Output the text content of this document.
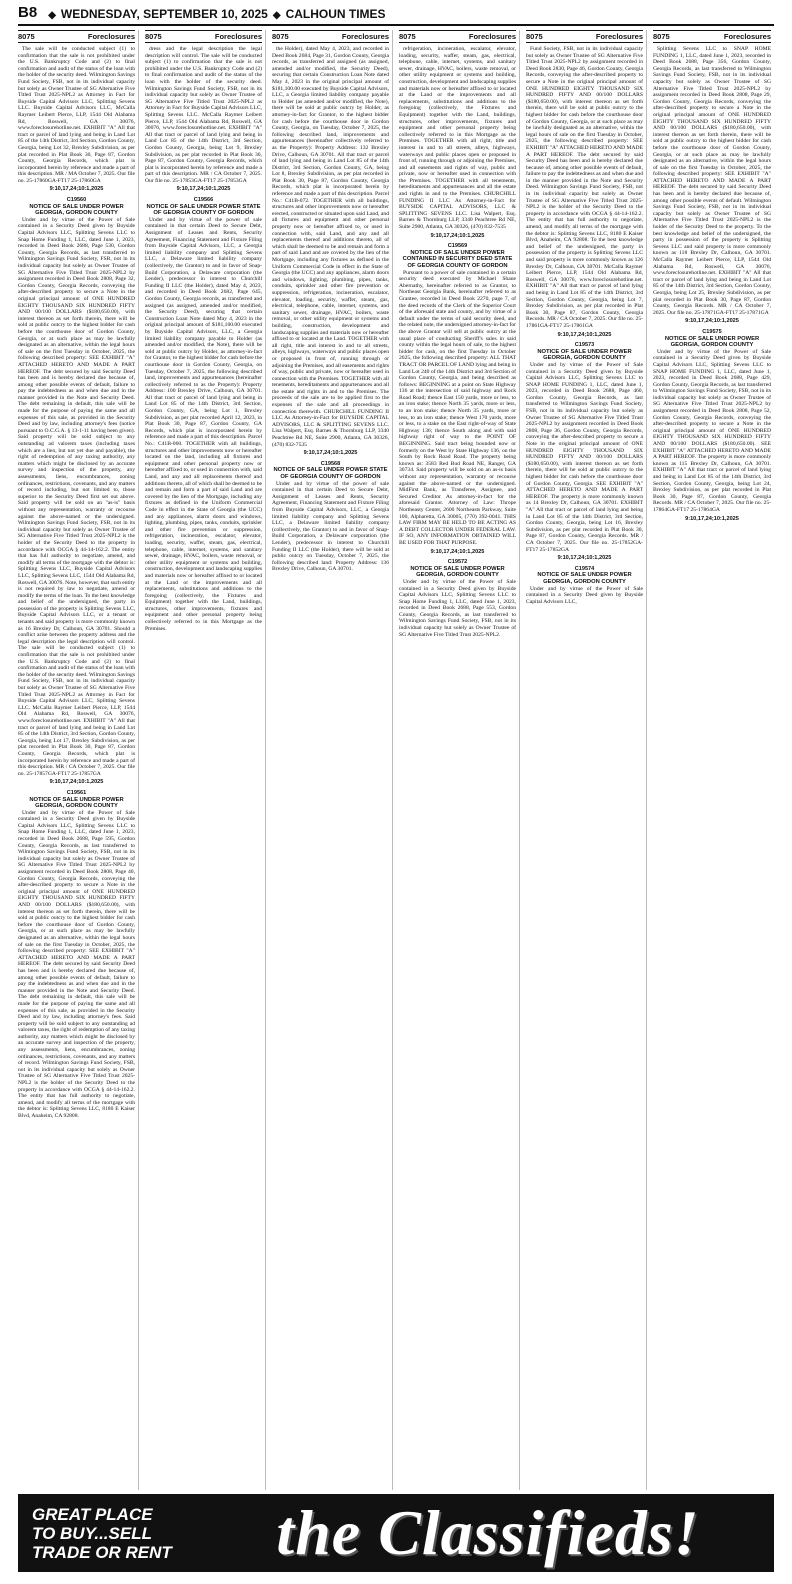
B8 ◆ WEDNESDAY, SEPTEMBER 10, 2025 ◆ CALHOUN TIMES
8075	Foreclosures

The sale will be conducted subject (1) to confirmation that the sale is not prohibited under the U.S. Bankruptcy Code and (2) to final confirmation and audit of the status of the loan with the holder of the security deed. Wilmington Savings Fund Society, FSB, not in its individual capacity but solely as Owner Trustee of SG Alternative Five Titled Trust 2025-NPL2 as Attorney in Fact for Buyside Capital Advisors LLC, Splitting Sevens LLC. Buyside Capital Advisors LLC, McCalla Raymer Leibert Pierce, LLP, 1544 Old Alabama Rd, Roswell, GA 30076, www.foreclosurehotline.net. EXHIBIT "A" All that tract or parcel of land lying and being in Land Lot 85 of the 14th District, 3rd Section, Gordon County, Georgia, being Lot 32, Brexley Subdivision, as per plat recorded in Plat Book 30, Page 87, Gordon County, Georgia Records, which plat is incorporated herein by reference and made a part of this description. MR / MA October 7, 2025. Our file no. 25-17860GA-FT17 25-17860GA

9:10,17,24;10:1,2025
C19560
NOTICE OF SALE UNDER POWER GEORGIA, GORDON COUNTY

Under and by virtue of the Power of Sale contained in a Security Deed given by Buyside Capital Advisors LLC, Splitting Sevens LLC to Snap Home Funding 1, LLC, dated June 1, 2023, recorded in Deed Book 2688, Page 530, Gordon County, Georgia Records, as last transferred to Wilmington Savings Fund Society, FSB, not in its individual capacity but solely as Owner Trustee of SG Alternative Five Titled Trust 2025-NPL2 by assignment recorded in Deed Book 2808, Page 32, Gordon County, Georgia Records, conveying the after-described property to secure a Note in the original principal amount of ONE HUNDRED EIGHTY THOUSAND SIX HUNDRED FIFTY AND 00/100 DOLLARS ($180,650.00), with interest thereon as set forth therein, there will be sold at public outcry to the highest bidder for cash before the courthouse door of Gordon County, Georgia, or at such place as may be lawfully designated as an alternative, within the legal hours of sale on the first Tuesday in October, 2025, the following described property: SEE EXHIBIT "A" ATTACHED HERETO AND MADE A PART HEREOF. The debt secured by said Security Deed has been and is hereby declared due because of, among other possible events of default, failure to pay the indebtedness as and when due and in the manner provided in the Note and Security Deed. The debt remaining in default, this sale will be made for the purpose of paying the same and all expenses of this sale, as provided in the Security Deed and by law, including attorney's fees (notice pursuant to O.C.G.A. § 13-1-11 having been given). Said property will be sold subject to any outstanding ad valorem taxes (including taxes which are a lien, but not yet due and payable), the right of redemption of any taxing authority, any matters which might be disclosed by an accurate survey and inspection of the property, any assessments, liens, encumbrances, zoning ordinances, restrictions, covenants, and any matters of record including, but not limited to, those superior to the Security Deed first set out above. Said property will be sold on an "as-is" basis without any representation, warranty or recourse against the above-named or the undersigned. Wilmington Savings Fund Society, FSB, not in its individual capacity but solely as Owner Trustee of SG Alternative Five Titled Trust 2025-NPL2 is the holder of the Security Deed to the property in accordance with OCGA § 44-14-162.2. The entity that has full authority to negotiate, amend, and modify all terms of the mortgage with the debtor is: Splitting Sevens LLC, Buyside Capital Advisors LLC, Splitting Sevens LLC, 1544 Old Alabama Rd, Roswell, GA 30076. Note, however, that such entity is not required by law to negotiate, amend or modify the terms of the loan. To the best knowledge and belief of the undersigned, the party in possession of the property is Splitting Sevens LLC, Buyside Capital Advisors LLC, or a tenant or tenants and said property is more commonly known as 16 Brexley Dr, Calhoun, GA 30701. Should a conflict arise between the property address and the legal description the legal description will control. The sale will be conducted subject (1) to confirmation that the sale is not prohibited under the U.S. Bankruptcy Code and (2) to final confirmation and audit of the status of the loan with the holder of the security deed. Wilmington Savings Fund Society, FSB, not in its individual capacity but solely as Owner Trustee of SG Alternative Five Titled Trust 2025-NPL2 as Attorney in Fact for Buyside Capital Advisors LLC, Splitting Sevens LLC. McCalla Raymer Leibert Pierce, LLP, 1544 Old Alabama Rd, Roswell, GA 30076, www.foreclosurehotline.net. EXHIBIT "A" All that tract or parcel of land lying and being in Land Lot 85 of the 14th District, 3rd Section, Gordon County, Georgia, being Lot 17, Brexley Subdivision, as per plat recorded in Plat Book 30, Page 87, Gordon County, Georgia Records, which plat is incorporated herein by reference and made a part of this description. MR / CA October 7, 2025. Our file no. 25-17857GA-FT17 25-17857GA

9:10,17,24;10:1,2025
C19561
NOTICE OF SALE UNDER POWER GEORGIA, GORDON COUNTY

Under and by virtue of the Power of Sale contained in a Security Deed given by Buyside Capital Advisors LLC, Splitting Sevens LLC to Snap Home Funding 1, LLC, dated June 1, 2023, recorded in Deed Book 2688, Page 595, Gordon County, Georgia Records, as last transferred to Wilmington Savings Fund Society, FSB, not in its individual capacity but solely as Owner Trustee of SG Alternative Five Titled Trust 2025-NPL2 by assignment recorded in Deed Book 2808, Page 40, Gordon County, Georgia Records, conveying the after-described property to secure a Note in the original principal amount of ONE HUNDRED EIGHTY THOUSAND SIX HUNDRED FIFTY AND 00/100 DOLLARS ($180,650.00), with interest thereon as set forth therein, there will be sold at public outcry to the highest bidder for cash before the courthouse door of Gordon County, Georgia, or at such place as may be lawfully designated as an alternative, within the legal hours of sale on the first Tuesday in October, 2025, the following described property: SEE EXHIBIT "A" ATTACHED HERETO AND MADE A PART HEREOF. The debt secured by said Security Deed has been and is hereby declared due because of, among other possible events of default, failure to pay the indebtedness as and when due and in the manner provided in the Note and Security Deed. The debt remaining in default, this sale will be made for the purpose of paying the same and all expenses of this sale, as provided in the Security Deed and by law, including attorney's fees. Said property will be sold subject to any outstanding ad valorem taxes, the right of redemption of any taxing authority, any matters which might be disclosed by an accurate survey and inspection of the property, any assessments, liens, encumbrances, zoning ordinances, restrictions, covenants, and any matters of record. Wilmington Savings Fund Society, FSB, not in its individual capacity but solely as Owner Trustee of SG Alternative Five Titled Trust 2025-NPL2 is the holder of the Security Deed to the property in accordance with OCGA § 44-14-162.2. The entity that has full authority to negotiate, amend, and modify all terms of the mortgage with the debtor is: Splitting Sevens LLC, 8180 E Kaiser Blvd, Anaheim, CA 92808.

8075	Foreclosures

dress and the legal description the legal description will control. The sale will be conducted subject (1) to confirmation that the sale is not prohibited under the U.S. Bankruptcy Code and (2) to final confirmation and audit of the status of the loan with the holder of the security deed. Wilmington Savings Fund Society, FSB, not in its individual capacity but solely as Owner Trustee of SG Alternative Five Titled Trust 2025-NPL2 as Attorney in Fact for Buyside Capital Advisors LLC, Splitting Sevens LLC. McCalla Raymer Leibert Pierce, LLP, 1544 Old Alabama Rd, Roswell, GA 30076, www.foreclosurehotline.net. EXHIBIT "A" All that tract or parcel of land lying and being in Land Lot 85 of the 14th District, 3rd Section, Gordon County, Georgia, being Lot 9, Brexley Subdivision, as per plat recorded in Plat Book 30, Page 87, Gordon County, Georgia Records, which plat is incorporated herein by reference and made a part of this description. MR / CA October 7, 2025. Our file no. 25-17853GA-FT17 25-17853GA

9:10,17,24;10:1,2025
C19566
NOTICE OF SALE UNDER POWER STATE OF GEORGIA COUNTY OF GORDON

Under and by virtue of the power of sale contained in that certain Deed to Secure Debt, Assignment of Leases and Rents, Security Agreement, Financing Statement and Fixture Filing from Buyside Capital Advisors, LLC, a Georgia limited liability company and Splitting Sevens LLC, a Delaware limited liability company (collectively, the Grantor) to and in favor of Snap-Build Corporation, a Delaware corporation (the Lender), predecessor in interest to Churchill Funding II LLC (the Holder), dated May 4, 2023, and recorded in Deed Book 2682, Page 645, Gordon County, Georgia records, as transferred and assigned (as assigned, amended and/or modified, the Security Deed), securing that certain Construction Loan Note dated May 4, 2023 in the original principal amount of $181,100.00 executed by Buyside Capital Advisors, LLC, a Georgia limited liability company payable to Holder (as amended and/or modified, the Note), there will be sold at public outcry by Holder, as attorney-in-fact for Grantor, to the highest bidder for cash before the courthouse door in Gordon County, Georgia, on Tuesday, October 7, 2025, the following described land, improvements and appurtenances (hereinafter collectively referred to as the Property): Property Address: 100 Brexley Drive, Calhoun, GA 30701. All that tract or parcel of land lying and being in Land Lot 85 of the 14th District, 3rd Section, Gordon County, GA, being Lot 1, Brexley Subdivision, as per plat recorded April 12, 2023, in Plat Book 30, Page 87, Gordon County, GA Records, which plat is incorporated herein by reference and made a part of this description. Parcel No.: C41B-060. TOGETHER with all buildings, structures and other improvements now or hereafter located on the land, including all fixtures and equipment and other personal property now or hereafter affixed to, or used in connection with, said Land, and any and all replacements thereof and additions thereto, all of which shall be deemed to be and remain and form a part of said Land and are covered by the lien of the Mortgage, including any fixtures as defined in the Uniform Commercial Code in effect in the State of Georgia (the UCC) and any appliances, alarm doors and windows, lighting, plumbing, pipes, tanks, conduits, sprinkler and other fire prevention or suppression, refrigeration, incineration, escalator, elevator, loading, security, waffer, steam, gas, electrical, telephone, cable, internet, systems, and sanitary sewer, drainage, HVAC, boilers, waste removal, or other utility equipment or systems and building, construction, development and landscaping supplies and materials now or hereafter affixed to or located at the Land or the improvements and all replacements, substitutions and additions to the foregoing (collectively, the Fixtures and Equipment) together with the Land, buildings, structures, other improvements, fixtures and equipment and other personal property being collectively referred to in this Mortgage as the Premises.

8075	Foreclosures

the Holder), dated May 4, 2023, and recorded in Deed Book 2684, Page 31, Gordon County, Georgia records, as transferred and assigned (as assigned, amended and/or modified, the Security Deed), securing that certain Construction Loan Note dated May 4, 2023 in the original principal amount of $181,100.00 executed by Buyside Capital Advisors, LLC, a Georgia limited liability company payable to Holder (as amended and/or modified, the Note), there will be sold at public outcry by Holder, as attorney-in-fact for Grantor, to the highest bidder for cash before the courthouse door in Gordon County, Georgia, on Tuesday, October 7, 2025, the following described land, improvements and appurtenances (hereinafter collectively referred to as the Property): Property Address: 132 Brexley Drive, Calhoun, GA 30701. All that tract or parcel of land lying and being in Land Lot 85 of the 14th District, 3rd Section, Gordon County, GA, being Lot 8, Brexley Subdivision, as per plat recorded in Plat Book 30, Page 87, Gordon County, Georgia Records, which plat is incorporated herein by reference and made a part of this description. Parcel No.: C41B-072. TOGETHER with all buildings, structures and other improvements now or hereafter erected, constructed or situated upon said Land, and all fixtures and equipment and other personal property now or hereafter affixed to, or used in connection with, said Land, and any and all replacements thereof and additions thereto, all of which shall be deemed to be and remain and form a part of said Land and are covered by the lien of the Mortgage, including any fixtures as defined in the Uniform Commercial Code in effect in the State of Georgia (the UCC) and any appliances, alarm doors and windows, lighting, plumbing, pipes, tanks, conduits, sprinkler and other fire prevention or suppression, refrigeration, incineration, escalator, elevator, loading, security, waffer, steam, gas, electrical, telephone, cable, internet, systems, and sanitary sewer, drainage, HVAC, boilers, waste removal, or other utility equipment or systems and building, construction, development and landscaping supplies and materials now or hereafter affixed to or located at the Land. TOGETHER with all right, title and interest in and to all streets, alleys, highways, waterways and public places open or proposed in front of, running through or adjoining the Premises, and all easements and rights of way, public and private, now or hereafter used in connection with the Premises. TOGETHER with all tenements, hereditaments and appurtenances and all the estate and rights in and to the Premises. The proceeds of the sale are to be applied first to the expenses of the sale and all proceedings in connection therewith. CHURCHILL FUNDING II LLC As Attorney-in-Fact for BUYSIDE CAPITAL ADVISORS, LLC & SPLITTING SEVENS LLC. Lisa Walpert, Esq. Barnes & Thornburg LLP, 3340 Peachtree Rd NE, Suite 2900, Atlanta, GA 30326, (470) 832-7535

9:10,17,24;10:1,2025
C19568
NOTICE OF SALE UNDER POWER STATE OF GEORGIA COUNTY OF GORDON

Under and by virtue of the power of sale contained in that certain Deed to Secure Debt, Assignment of Leases and Rents, Security Agreement, Financing Statement and Fixture Filing from Buyside Capital Advisors, LLC, a Georgia limited liability company and Splitting Sevens LLC, a Delaware limited liability company (collectively, the Grantor) to and in favor of Snap-Build Corporation, a Delaware corporation (the Lender), predecessor in interest to Churchill Funding II LLC (the Holder), there will be sold at public outcry on Tuesday, October 7, 2025, the following described land: Property Address: 136 Brexley Drive, Calhoun, GA 30701.

8075	Foreclosures

refrigeration, incineration, escalator, elevator, loading, security, waffer, steam, gas, electrical, telephone, cable, internet, systems, and sanitary sewer, drainage, HVAC, boilers, waste removal, or other utility equipment or systems and building, construction, development and landscaping supplies and materials now or hereafter affixed to or located at the Land or the improvements and all replacements, substitutions and additions to the foregoing (collectively, the Fixtures and Equipment) together with the Land, buildings, structures, other improvements, fixtures and equipment and other personal property being collectively referred to in this Mortgage as the Premises. TOGETHER with all right, title and interest in and to all streets, alleys, highways, waterways and public places open or proposed in front of, running through or adjoining the Premises, and all easements and rights of way, public and private, now or hereafter used in connection with the Premises. TOGETHER with all tenements, hereditaments and appurtenances and all the estate and rights in and to the Premises. CHURCHILL FUNDING II LLC As Attorney-in-Fact for BUYSIDE CAPITAL ADVISORS, LLC & SPLITTING SEVENS LLC. Lisa Walpert, Esq. Barnes & Thornburg LLP, 3340 Peachtree Rd NE, Suite 2900, Atlanta, GA 30326, (470) 832-7535

9:10,17,24;10:1,2025
C19569
NOTICE OF SALE UNDER POWER CONTAINED IN SECURITY DEED STATE OF GEORGIA COUNTY OF GORDON

Pursuant to a power of sale contained in a certain security deed executed by Michael Shane Abernathy, hereinafter referred to as Grantor, to Northeast Georgia Bank, hereinafter referred to as Grantee, recorded in Deed Book 2270, page 7, of the deed records of the Clerk of the Superior Court of the aforesaid state and county, and by virtue of a default under the terms of said security deed, and the related note, the undersigned attorney-in-fact for the above Grantor will sell at public outcry at the usual place of conducting Sheriff's sales in said county within the legal hours of sale, to the highest bidder for cash, on the first Tuesday in October 2025, the following described property: ALL THAT TRACT OR PARCEL OF LAND lying and being in Land Lot 240 of the 14th District and 3rd Section of Gordon County, Georgia, and being described as follows: BEGINNING at a point on State Highway 136 at the intersection of said highway and Rock Road Road; thence East 150 yards, more or less, to an iron stake; thence North 35 yards, more or less, to an iron stake; thence North 35 yards, more or less, to an iron stake; thence West 170 yards, more or less, to a stake on the East right-of-way of State Highway 136; thence South along and with said highway right of way to the POINT OF BEGINNING. Said tract being bounded now or formerly on the West by State Highway 136, on the South by Rock Road Road. The property being known as: 3583 Red Bud Road NE, Ranger, GA 30734. Said property will be sold on an as-is basis without any representation, warranty or recourse against the above-named or the undersigned. MidFirst Bank, as Transferee, Assignee, and Secured Creditor As attorney-in-fact for the aforesaid Grantor. Attorney of Law: Thrope Northeasty Center, 2600 Northeasts Parkway, Suite 100, Alpharetta, GA 30005, (770) 392-0041. THIS LAW FIRM MAY BE HELD TO BE ACTING AS A DEBT COLLECTOR UNDER FEDERAL LAW. IF SO, ANY INFORMATION OBTAINED WILL BE USED FOR THAT PURPOSE.

9:10,17,24;10:1,2025
C19572
NOTICE OF SALE UNDER POWER GEORGIA, GORDON COUNTY

Under and by virtue of the Power of Sale contained in a Security Deed given by Buyside Capital Advisors LLC, Splitting Sevens LLC to Snap Home Funding 1, LLC, dated June 1, 2023, recorded in Deed Book 2688, Page 553, Gordon County, Georgia Records, as last transferred to Wilmington Savings Fund Society, FSB, not in its individual capacity but solely as Owner Trustee of SG Alternative Five Titled Trust 2025-NPL2.

8075	Foreclosures

Fund Society, FSB, not in its individual capacity but solely as Owner Trustee of SG Alternative Five Titled Trust 2025-NPL2 by assignment recorded in Deed Book 2830, Page 46, Gordon County, Georgia Records, conveying the after-described property to secure a Note in the original principal amount of ONE HUNDRED EIGHTY THOUSAND SIX HUNDRED FIFTY AND 00/100 DOLLARS ($180,650.00), with interest thereon as set forth therein, there will be sold at public outcry to the highest bidder for cash before the courthouse door of Gordon County, Georgia, or at such place as may be lawfully designated as an alternative, within the legal hours of sale on the first Tuesday in October, 2025, the following described property: SEE EXHIBIT "A" ATTACHED HERETO AND MADE A PART HEREOF. The debt secured by said Security Deed has been and is hereby declared due because of, among other possible events of default, failure to pay the indebtedness as and when due and in the manner provided in the Note and Security Deed. Wilmington Savings Fund Society, FSB, not in its individual capacity but solely as Owner Trustee of SG Alternative Five Titled Trust 2025-NPL2 is the holder of the Security Deed to the property in accordance with OCGA § 44-14-162.2. The entity that has full authority to negotiate, amend, and modify all terms of the mortgage with the debtor is: Splitting Sevens LLC, 8180 E Kaiser Blvd, Anaheim, CA 92808. To the best knowledge and belief of the undersigned, the party in possession of the property is Splitting Sevens LLC and said property is more commonly known as 126 Brexley Dr, Calhoun, GA 30701. McCalla Raymer Leibert Pierce, LLP, 1544 Old Alabama Rd, Roswell, GA 30076, www.foreclosurehotline.net. EXHIBIT "A" All that tract or parcel of land lying and being in Land Lot 85 of the 14th District, 3rd Section, Gordon County, Georgia, being Lot 7, Brexley Subdivision, as per plat recorded in Plat Book 30, Page 87, Gordon County, Georgia Records. MR / CA October 7, 2025. Our file no. 25-17861GA-FT17 25-17861GA

9:10,17,24;10:1,2025
C19573
NOTICE OF SALE UNDER POWER GEORGIA, GORDON COUNTY

Under and by virtue of the Power of Sale contained in a Security Deed given by Buyside Capital Advisors LLC, Splitting Sevens LLC to SNAP HOME FUNDING 1, LLC, dated June 1, 2023, recorded in Deed Book 2688, Page 460, Gordon County, Georgia Records, as last transferred to Wilmington Savings Fund Society, FSB, not in its individual capacity but solely as Owner Trustee of SG Alternative Five Titled Trust 2025-NPL2 by assignment recorded in Deed Book 2808, Page 36, Gordon County, Georgia Records, conveying the after-described property to secure a Note in the original principal amount of ONE HUNDRED EIGHTY THOUSAND SIX HUNDRED FIFTY AND 00/100 DOLLARS ($180,650.00), with interest thereon as set forth therein, there will be sold at public outcry to the highest bidder for cash before the courthouse door of Gordon County, Georgia. SEE EXHIBIT "A" ATTACHED HERETO AND MADE A PART HEREOF. The property is more commonly known as 14 Brexley Dr, Calhoun, GA 30701. EXHIBIT "A" All that tract or parcel of land lying and being in Land Lot 85 of the 14th District, 3rd Section, Gordon County, Georgia, being Lot 16, Brexley Subdivision, as per plat recorded in Plat Book 30, Page 87, Gordon County, Georgia Records. MR / CA October 7, 2025. Our file no. 25-17852GA-FT17 25-17852GA

9:10,17,24;10:1,2025
C19574
NOTICE OF SALE UNDER POWER GEORGIA, GORDON COUNTY

Under and by virtue of the Power of Sale contained in a Security Deed given by Buyside Capital Advisors LLC,

8075	Foreclosures

Splitting Sevens LLC to SNAP HOME FUNDING 1, LLC, dated June 1, 2023, recorded in Deed Book 2688, Page 356, Gordon County, Georgia Records, as last transferred to Wilmington Savings Fund Society, FSB, not in its individual capacity but solely as Owner Trustee of SG Alternative Five Titled Trust 2025-NPL2 by assignment recorded in Deed Book 2808, Page 29, Gordon County, Georgia Records, conveying the after-described property to secure a Note in the original principal amount of ONE HUNDRED EIGHTY THOUSAND SIX HUNDRED FIFTY AND 00/100 DOLLARS ($180,650.00), with interest thereon as set forth therein, there will be sold at public outcry to the highest bidder for cash before the courthouse door of Gordon County, Georgia, or at such place as may be lawfully designated as an alternative, within the legal hours of sale on the first Tuesday in October, 2025, the following described property: SEE EXHIBIT "A" ATTACHED HERETO AND MADE A PART HEREOF. The debt secured by said Security Deed has been and is hereby declared due because of, among other possible events of default. Wilmington Savings Fund Society, FSB, not in its individual capacity but solely as Owner Trustee of SG Alternative Five Titled Trust 2025-NPL2 is the holder of the Security Deed to the property. To the best knowledge and belief of the undersigned, the party in possession of the property is Splitting Sevens LLC and said property is more commonly known as 118 Brexley Dr, Calhoun, GA 30701. McCalla Raymer Leibert Pierce, LLP, 1544 Old Alabama Rd, Roswell, GA 30076, www.foreclosurehotline.net. EXHIBIT "A" All that tract or parcel of land lying and being in Land Lot 85 of the 14th District, 3rd Section, Gordon County, Georgia, being Lot 25, Brexley Subdivision, as per plat recorded in Plat Book 30, Page 87, Gordon County, Georgia Records. MR / CA October 7, 2025. Our file no. 25-17871GA-FT17 25-17871GA

9:10,17,24;10:1,2025
C19575
NOTICE OF SALE UNDER POWER GEORGIA, GORDON COUNTY

Under and by virtue of the Power of Sale contained in a Security Deed given by Buyside Capital Advisors LLC, Splitting Sevens LLC to SNAP HOME FUNDING 1, LLC, dated June 1, 2023, recorded in Deed Book 2688, Page 429, Gordon County, Georgia Records, as last transferred to Wilmington Savings Fund Society, FSB, not in its individual capacity but solely as Owner Trustee of SG Alternative Five Titled Trust 2025-NPL2 by assignment recorded in Deed Book 2808, Page 52, Gordon County, Georgia Records, conveying the after-described property to secure a Note in the original principal amount of ONE HUNDRED EIGHTY THOUSAND SIX HUNDRED FIFTY AND 00/100 DOLLARS ($180,650.00). SEE EXHIBIT "A" ATTACHED HERETO AND MADE A PART HEREOF. The property is more commonly known as 115 Brexley Dr, Calhoun, GA 30701. EXHIBIT "A" All that tract or parcel of land lying and being in Land Lot 85 of the 14th District, 3rd Section, Gordon County, Georgia, being Lot 24, Brexley Subdivision, as per plat recorded in Plat Book 30, Page 87, Gordon County, Georgia Records. MR / CA October 7, 2025. Our file no. 25-17864GA-FT17 25-17864GA

9:10,17,24;10:1,2025
GREAT PLACE
TO BUY...SELL
TRADE OR RENT	the Classifieds!
